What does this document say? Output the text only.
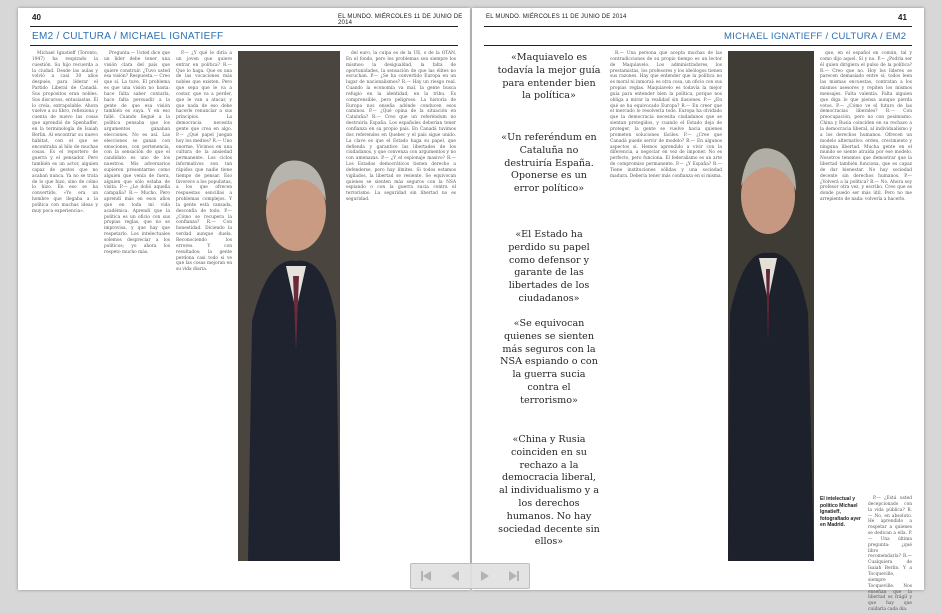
40	EL MUNDO. MIÉRCOLES 11 DE JUNIO DE 2014
EM2 / CULTURA / MICHAEL IGNATIEFF

Michael Ignatieff (Toronto, 1947) ha respirado la cuestión. Su hijo recuerda a la ciudad. Desde las aulas y volvió a casi 30 años después, para liderar el Partido Liberal de Canadá. Sus propósitos eran nobles. Sus discursos, entusiastas. Él lo creía, extrapolable. Ahora vuelve a su libro, reflexiona y cuenta de nuevo las cosas que aprendió de Spenhaffer, en la terminología de Isaiah Berlin. Al encontrar su nuevo hábitat, con el que se encontraba al hilo de muchas cosas. Es el reportero de guerra y el pensador. Pero también es un actor, alguien capaz de gestos que no acaban nunca. Ya no se trata de lo que hizo, sino de cómo lo hizo. En eso se ha convertido. «Yo era un hombre que llegaba a la política con muchas ideas y muy poca experiencia».

Pregunta.— Usted dice que un líder debe tener una visión clara del país que quiere construir. ¿Tuvo usted esa visión? Respuesta.— Creo que sí. La tuve. El problema es que una visión no basta: hace falta saber contarla, hace falta persuadir a la gente de que esa visión también es suya. Y en eso fallé. Cuando llegué a la política pensaba que los argumentos ganaban elecciones. No es así. Las elecciones se ganan con emociones, con pertenencia, con la sensación de que el candidato es uno de los nuestros. Mis adversarios supieron presentarme como alguien que venía de fuera, alguien que sólo estaba de visita. P.— ¿Le dolió aquella campaña? R.— Mucho. Pero aprendí más en esos años que en toda mi vida académica. Aprendí que la política es un oficio con sus propias reglas, que no se improvisa, y que hay que respetarlo. Los intelectuales solemos despreciar a los políticos; yo ahora los respeto mucho más.

P.— ¿Y qué le diría a un joven que quiere entrar en política? R.— Que lo haga. Que es una de las vocaciones más nobles que existen. Pero que sepa que le va a costar, que va a perder, que le van a atacar, y que nada de eso debe hacerle renunciar a sus principios. La democracia necesita gente que crea en algo. P.— ¿Qué papel juegan hoy los medios? R.— Uno enorme. Vivimos en una cultura de la ansiedad permanente. Los ciclos informativos son tan rápidos que nadie tiene tiempo de pensar. Eso favorece a los populistas, a los que ofrecen respuestas sencillas a problemas complejos. Y la gente está cansada, desconfía de todo. P.— ¿Cómo se recupera la confianza? R.— Con honestidad. Diciendo la verdad aunque duela. Reconociendo los errores. Y con resultados: la gente perdona casi todo si ve que las cosas mejoran en su vida diaria.

del euro, la culpa es de la UE, o de la OTAN. En el fondo, pero los problemas son siempre los mismos: la desigualdad, la falta de oportunidades, la sensación de que las élites no escuchan. P.— ¿Se ha convertido Europa en un lugar de nacionalismos? R.— Hay un riesgo real. Cuando la economía va mal, la gente busca refugio en la identidad, en la tribu. Es comprensible, pero peligroso. La historia de Europa nos enseña adónde conducen esos caminos. P.— ¿Qué opina de la situación en Cataluña? R.— Creo que un referéndum no destruiría España. Los españoles deberían tener confianza en su propio país. En Canadá tuvimos dos referendos en Quebec y el país sigue unido. La clave es que el Estado haga su papel, que defienda y garantice las libertades de los ciudadanos, y que convenza con argumentos y no con amenazas. P.— ¿Y el espionaje masivo? R.— Los Estados democráticos tienen derecho a defenderse, pero hay límites. Si todos estamos vigilados, la libertad se resiente. Se equivocan quienes se sienten más seguros con la NSA espiando o con la guerra sucia contra el terrorismo. La seguridad sin libertad no es seguridad.

EL MUNDO. MIÉRCOLES 11 DE JUNIO DE 2014	41
MICHAEL IGNATIEFF / CULTURA / EM2

«Maquiavelo es todavía la mejor guía para entender bien la política»

«Un referéndum en Cataluña no destruiría España. Oponerse es un error político»

«El Estado ha perdido su papel como defensor y garante de las libertades de los ciudadanos»

«Se equivocan quienes se sienten más seguros con la NSA espiando o con la guerra sucia contra el terrorismo»

«China y Rusia coinciden en su rechazo a la democracia liberal, al individualismo y a los derechos humanos. No hay sociedad decente sin ellos»

R.— Una persona que acepta muchas de las contradicciones de su propio tiempo es un lector de Maquiavelo. Los administradores, los prestamistas, los profesores y los ideólogos tienen sus razones. Hay que entender que la política no es moral ni inmoral: es otra cosa, un oficio con sus propias reglas. Maquiavelo es todavía la mejor guía para entender bien la política, porque nos obliga a mirar la realidad sin ilusiones. P.— ¿En qué se ha equivocado Europa? R.— En creer que el mercado lo resolvería todo. Europa ha olvidado que la democracia necesita ciudadanos que se sientan protegidos, y cuando el Estado deja de proteger, la gente se vuelve hacia quienes prometen soluciones fáciles. P.— ¿Cree que Canadá puede servir de modelo? R.— En algunos aspectos sí. Hemos aprendido a vivir con la diferencia, a negociar en vez de imponer. No es perfecto, pero funciona. El federalismo es un arte de compromiso permanente. P.— ¿Y España? R.— Tiene instituciones sólidas y una sociedad madura. Debería tener más confianza en sí misma.

que, en el español en común, tal y como dijo aquel. Sí y no. P.— ¿Podría ser él quien dirigiera el pulso de la política? R.— Creo que no. Hoy los líderes se parecen demasiado entre sí; todos leen las mismas encuestas, contratan a los mismos asesores y repiten los mismos mensajes. Falta valentía. Falta alguien que diga lo que piensa aunque pierda votos. P.— ¿Cómo ve el futuro de las democracias liberales? R.— Con preocupación, pero no con pesimismo. China y Rusia coinciden en su rechazo a la democracia liberal, al individualismo y a los derechos humanos. Ofrecen un modelo alternativo: orden, crecimiento y ninguna libertad. Mucha gente en el mundo se siente atraída por ese modelo. Nosotros tenemos que demostrar que la libertad también funciona, que es capaz de dar bienestar. No hay sociedad decente sin derechos humanos. P.— ¿Volverá a la política? R.— No. Ahora soy profesor otra vez, y escribo. Creo que es donde puedo ser más útil. Pero no me arrepiento de nada: volvería a hacerlo.

El intelectual y político Michael Ignatieff, fotografiado ayer en Madrid.

P.— ¿Está usted decepcionado con la vida pública? R.— No, en absoluto. He aprendido a respetar a quienes se dedican a ella. P.— Una última pregunta: ¿qué libro recomendaría? R.— Cualquiera de Isaiah Berlin. Y a Tocqueville, siempre Tocqueville. Nos enseñan que la libertad es frágil y que hay que cuidarla cada día.
